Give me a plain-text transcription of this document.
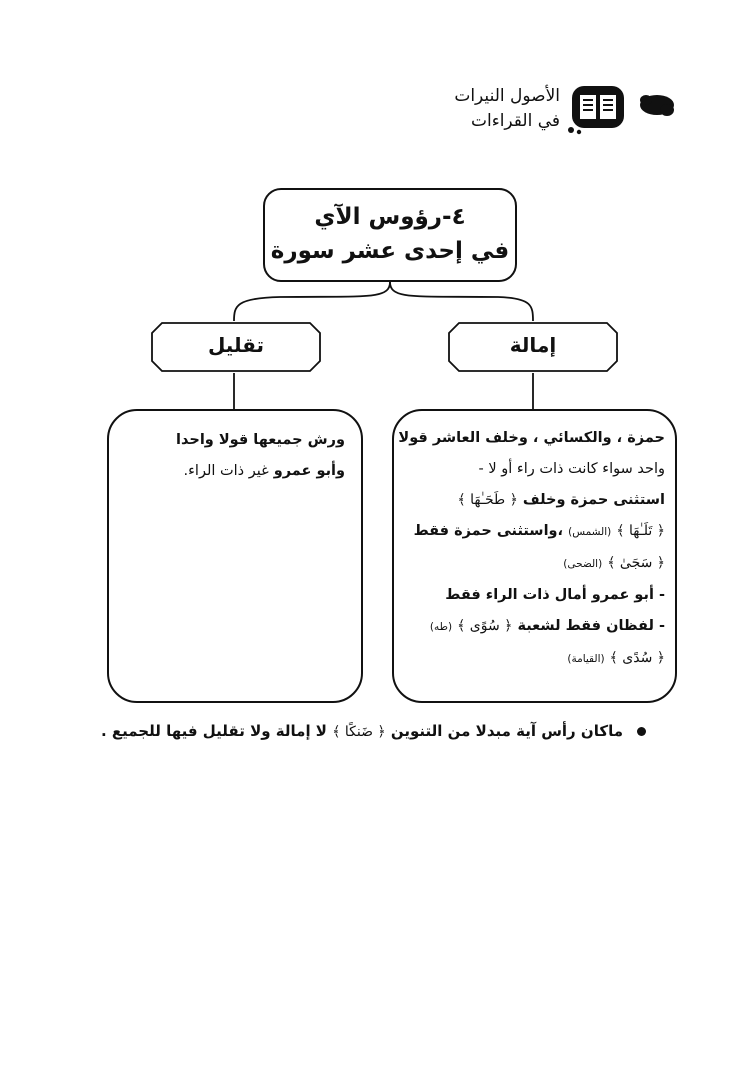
الأصول النيرات
في القراءات
٤-رؤوس الآي
في إحدى عشر سورة
إمالة
تقليل
حمزة ، والكسائي ، وخلف العاشر قولا
واحد سواء كانت ذات راء أو لا -
استثنى حمزة وخلف ﴿ طَحَـٰهَا ﴾
﴿ تَلَـٰهَا ﴾ (الشمس) ،واستثنى حمزة فقط
﴿ سَجَىٰ ﴾ (الضحى)
- أبو عمرو أمال ذات الراء فقط
- لفظان فقط لشعبة ﴿ سُوًى ﴾ (طه)
﴿ سُدًى ﴾ (القيامة)
ورش جميعها قولا واحدا
وأبو عمرو غير ذات الراء.
ماكان رأس آية مبدلا من التنوين ﴿ ضَنكًا ﴾ لا إمالة ولا تقليل فيها للجميع .
